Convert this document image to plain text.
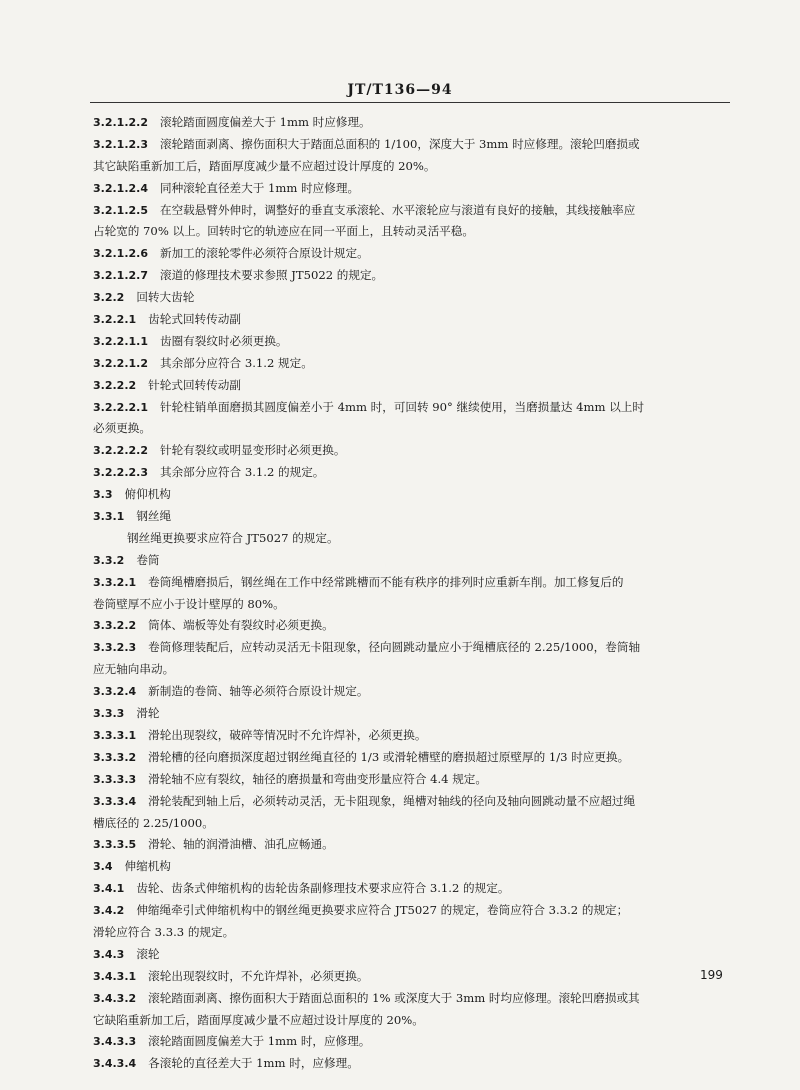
JT/T136—94
3.2.1.2.2 滚轮踏面圆度偏差大于 1mm 时应修理。
3.2.1.2.3 滚轮踏面剥离、擦伤面积大于踏面总面积的 1/100，深度大于 3mm 时应修理。滚轮凹磨损或
其它缺陷重新加工后，踏面厚度减少量不应超过设计厚度的 20%。
3.2.1.2.4 同种滚轮直径差大于 1mm 时应修理。
3.2.1.2.5 在空载悬臂外伸时，调整好的垂直支承滚轮、水平滚轮应与滚道有良好的接触，其线接触率应
占轮宽的 70% 以上。回转时它的轨迹应在同一平面上，且转动灵活平稳。
3.2.1.2.6 新加工的滚轮零件必须符合原设计规定。
3.2.1.2.7 滚道的修理技术要求参照 JT5022 的规定。
3.2.2 回转大齿轮
3.2.2.1 齿轮式回转传动副
3.2.2.1.1 齿圈有裂纹时必须更换。
3.2.2.1.2 其余部分应符合 3.1.2 规定。
3.2.2.2 针轮式回转传动副
3.2.2.2.1 针轮柱销单面磨损其圆度偏差小于 4mm 时，可回转 90° 继续使用，当磨损量达 4mm 以上时
必须更换。
3.2.2.2.2 针轮有裂纹或明显变形时必须更换。
3.2.2.2.3 其余部分应符合 3.1.2 的规定。
3.3 俯仰机构
3.3.1 钢丝绳
钢丝绳更换要求应符合 JT5027 的规定。
3.3.2 卷筒
3.3.2.1 卷筒绳槽磨损后，钢丝绳在工作中经常跳槽而不能有秩序的排列时应重新车削。加工修复后的
卷筒壁厚不应小于设计壁厚的 80%。
3.3.2.2 筒体、端板等处有裂纹时必须更换。
3.3.2.3 卷筒修理装配后，应转动灵活无卡阻现象，径向圆跳动量应小于绳槽底径的 2.25/1000，卷筒轴
应无轴向串动。
3.3.2.4 新制造的卷筒、轴等必须符合原设计规定。
3.3.3 滑轮
3.3.3.1 滑轮出现裂纹，破碎等情况时不允许焊补，必须更换。
3.3.3.2 滑轮槽的径向磨损深度超过钢丝绳直径的 1/3 或滑轮槽壁的磨损超过原壁厚的 1/3 时应更换。
3.3.3.3 滑轮轴不应有裂纹，轴径的磨损量和弯曲变形量应符合 4.4 规定。
3.3.3.4 滑轮装配到轴上后，必须转动灵活，无卡阻现象，绳槽对轴线的径向及轴向圆跳动量不应超过绳
槽底径的 2.25/1000。
3.3.3.5 滑轮、轴的润滑油槽、油孔应畅通。
3.4 伸缩机构
3.4.1 齿轮、齿条式伸缩机构的齿轮齿条副修理技术要求应符合 3.1.2 的规定。
3.4.2 伸缩绳牵引式伸缩机构中的钢丝绳更换要求应符合 JT5027 的规定，卷筒应符合 3.3.2 的规定；
滑轮应符合 3.3.3 的规定。
3.4.3 滚轮
3.4.3.1 滚轮出现裂纹时，不允许焊补，必须更换。
3.4.3.2 滚轮踏面剥离、擦伤面积大于踏面总面积的 1% 或深度大于 3mm 时均应修理。滚轮凹磨损或其
它缺陷重新加工后，踏面厚度减少量不应超过设计厚度的 20%。
3.4.3.3 滚轮踏面圆度偏差大于 1mm 时，应修理。
3.4.3.4 各滚轮的直径差大于 1mm 时，应修理。
199
